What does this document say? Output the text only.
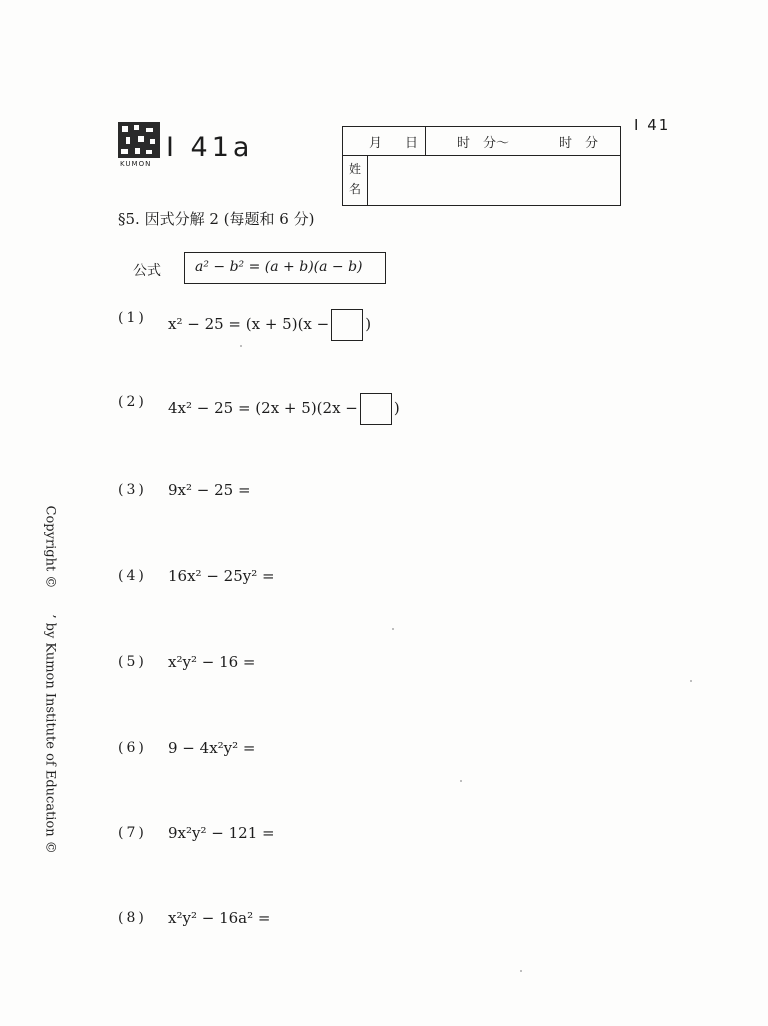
KUMON
I 41a
I 41
月 日	时　分～	时　分
姓
名
§5. 因式分解 2 (每题和 6 分)
公式 a² − b² = (a + b)(a − b)
(1) x² − 25 = (x + 5)(x − )
(2) 4x² − 25 = (2x + 5)(2x − )
(3) 9x² − 25 =
(4) 16x² − 25y² =
(5) x²y² − 16 =
(6) 9 − 4x²y² =
(7) 9x²y² − 121 =
(8) x²y² − 16a² =
Copyright ©　　’ by Kumon Institute of Education ©
